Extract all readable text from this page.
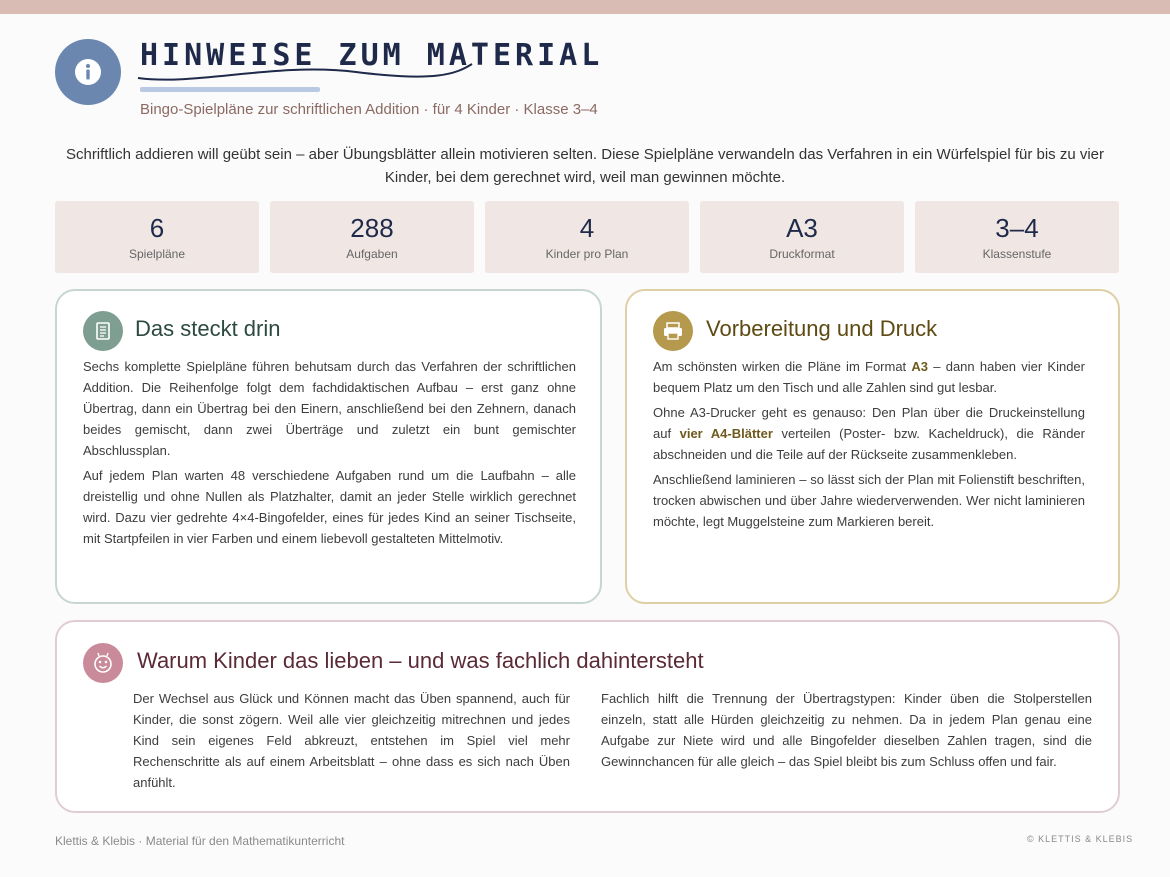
HINWEISE ZUM MATERIAL
Bingo-Spielpläne zur schriftlichen Addition · für 4 Kinder · Klasse 3–4
Schriftlich addieren will geübt sein – aber Übungsblätter allein motivieren selten. Diese Spielpläne verwandeln das Verfahren in ein Würfelspiel für bis zu vier Kinder, bei dem gerechnet wird, weil man gewinnen möchte.
6
Spielpläne
288
Aufgaben
4
Kinder pro Plan
A3
Druckformat
3–4
Klassenstufe
Das steckt drin

Sechs komplette Spielpläne führen behutsam durch das Verfahren der schriftlichen Addition. Die Reihenfolge folgt dem fachdidaktischen Aufbau – erst ganz ohne Übertrag, dann ein Übertrag bei den Einern, anschließend bei den Zehnern, danach beides gemischt, dann zwei Überträge und zuletzt ein bunt gemischter Abschlussplan.

Auf jedem Plan warten 48 verschiedene Aufgaben rund um die Laufbahn – alle dreistellig und ohne Nullen als Platzhalter, damit an jeder Stelle wirklich gerechnet wird. Dazu vier gedrehte 4×4-Bingofelder, eines für jedes Kind an seiner Tischseite, mit Startpfeilen in vier Farben und einem liebevoll gestalteten Mittelmotiv.

Vorbereitung und Druck

Am schönsten wirken die Pläne im Format A3 – dann haben vier Kinder bequem Platz um den Tisch und alle Zahlen sind gut lesbar.

Ohne A3-Drucker geht es genauso: Den Plan über die Druckeinstellung auf vier A4-Blätter verteilen (Poster- bzw. Kacheldruck), die Ränder abschneiden und die Teile auf der Rückseite zusammenkleben.

Anschließend laminieren – so lässt sich der Plan mit Folienstift beschriften, trocken abwischen und über Jahre wiederverwenden. Wer nicht laminieren möchte, legt Muggelsteine zum Markieren bereit.

Warum Kinder das lieben – und was fachlich dahintersteht
Der Wechsel aus Glück und Können macht das Üben spannend, auch für Kinder, die sonst zögern. Weil alle vier gleichzeitig mitrechnen und jedes Kind sein eigenes Feld abkreuzt, entstehen im Spiel viel mehr Rechenschritte als auf einem Arbeitsblatt – ohne dass es sich nach Üben anfühlt.
Fachlich hilft die Trennung der Übertragstypen: Kinder üben die Stolperstellen einzeln, statt alle Hürden gleichzeitig zu nehmen. Da in jedem Plan genau eine Aufgabe zur Niete wird und alle Bingofelder dieselben Zahlen tragen, sind die Gewinnchancen für alle gleich – das Spiel bleibt bis zum Schluss offen und fair.
Klettis & Klebis · Material für den Mathematikunterricht	© KLETTIS & KLEBIS
